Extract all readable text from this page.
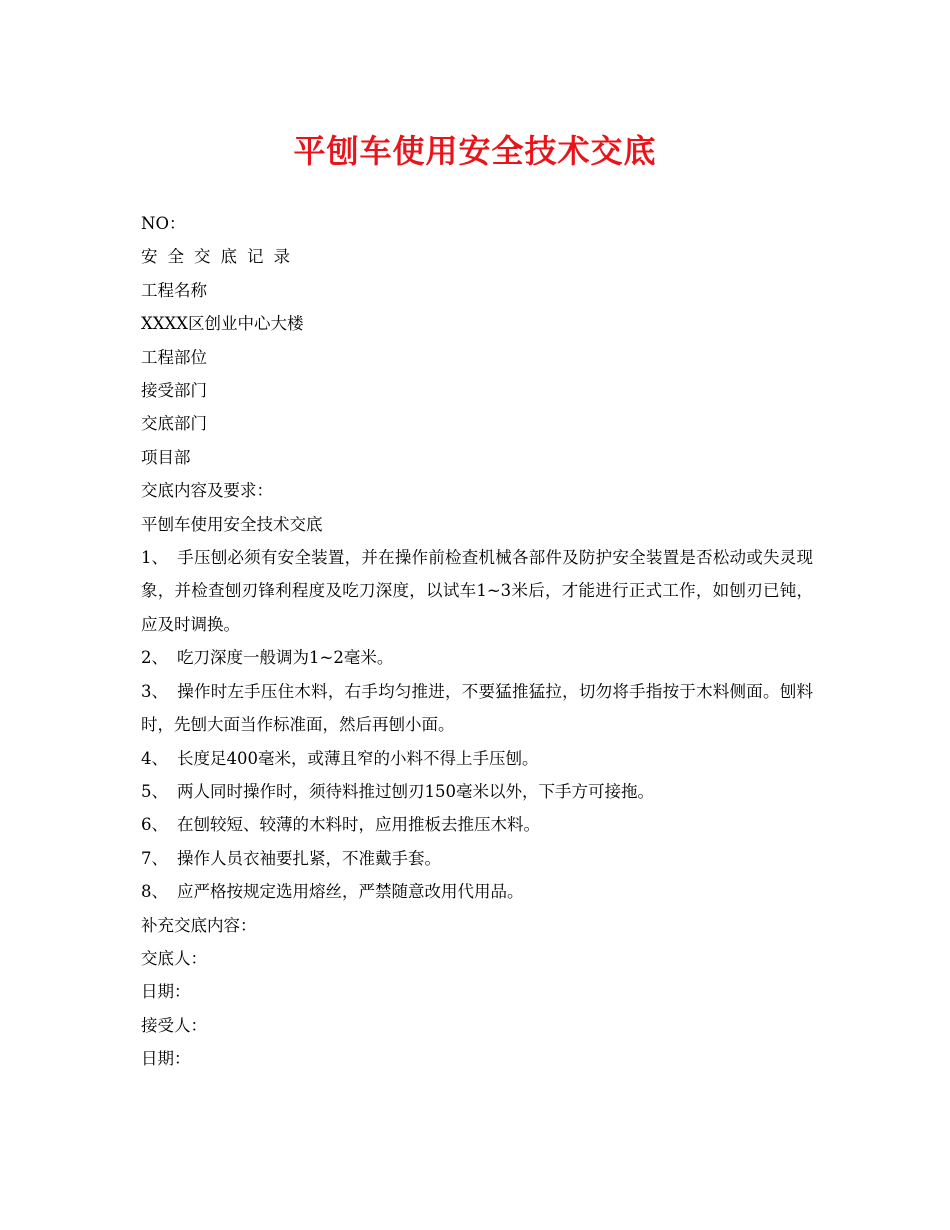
平刨车使用安全技术交底

NO：

安全交底记录

工程名称

XXXX区创业中心大楼

工程部位

接受部门

交底部门

项目部

交底内容及要求：

平刨车使用安全技术交底

1、 手压刨必须有安全装置，并在操作前检查机械各部件及防护安全装置是否松动或失灵现象，并检查刨刃锋利程度及吃刀深度，以试车1~3米后，才能进行正式工作，如刨刃已钝，应及时调换。

2、 吃刀深度一般调为1~2毫米。

3、 操作时左手压住木料，右手均匀推进，不要猛推猛拉，切勿将手指按于木料侧面。刨料时，先刨大面当作标准面，然后再刨小面。

4、 长度足400毫米，或薄且窄的小料不得上手压刨。

5、 两人同时操作时，须待料推过刨刃150毫米以外，下手方可接拖。

6、 在刨较短、较薄的木料时，应用推板去推压木料。

7、 操作人员衣袖要扎紧，不准戴手套。

8、 应严格按规定选用熔丝，严禁随意改用代用品。

补充交底内容：

交底人：

日期：

接受人：

日期：
